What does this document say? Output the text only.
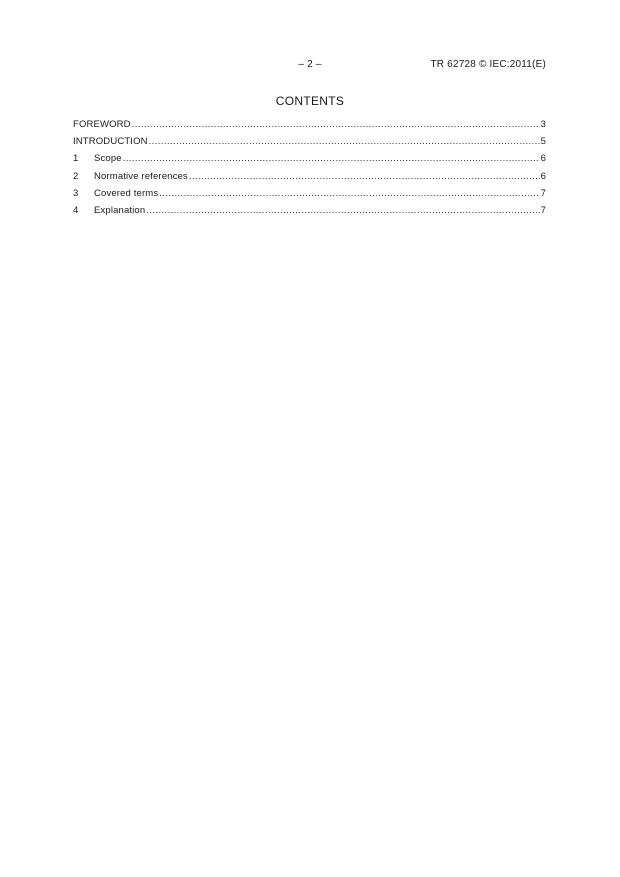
– 2 –	TR 62728 © IEC:2011(E)
CONTENTS
FOREWORD .....	3
INTRODUCTION .....	5
1	Scope .....	6
2	Normative references .....	6
3	Covered terms .....	7
4	Explanation .....	7
